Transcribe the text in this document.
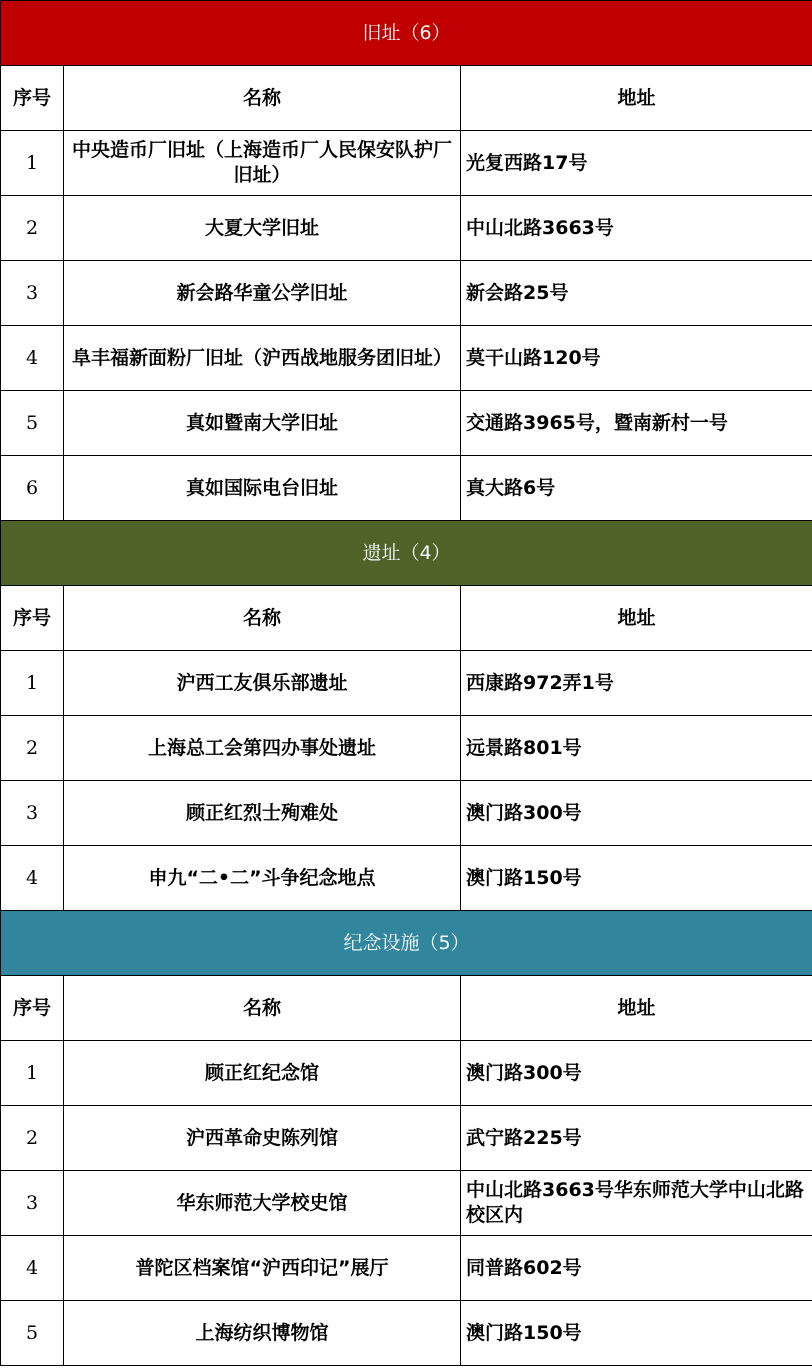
旧址（6）		
序号	名称	地址
1	中央造币厂旧址（上海造币厂人民保安队护厂旧址）	光复西路17号
2	大夏大学旧址	中山北路3663号
3	新会路华童公学旧址	新会路25号
4	阜丰福新面粉厂旧址（沪西战地服务团旧址）	莫干山路120号
5	真如暨南大学旧址	交通路3965号，暨南新村一号
6	真如国际电台旧址	真大路6号
遗址（4）		
序号	名称	地址
1	沪西工友俱乐部遗址	西康路972弄1号
2	上海总工会第四办事处遗址	远景路801号
3	顾正红烈士殉难处	澳门路300号
4	申九“二•二”斗争纪念地点	澳门路150号
纪念设施（5）		
序号	名称	地址
1	顾正红纪念馆	澳门路300号
2	沪西革命史陈列馆	武宁路225号
3	华东师范大学校史馆	中山北路3663号华东师范大学中山北路校区内
4	普陀区档案馆“沪西印记”展厅	同普路602号
5	上海纺织博物馆	澳门路150号
